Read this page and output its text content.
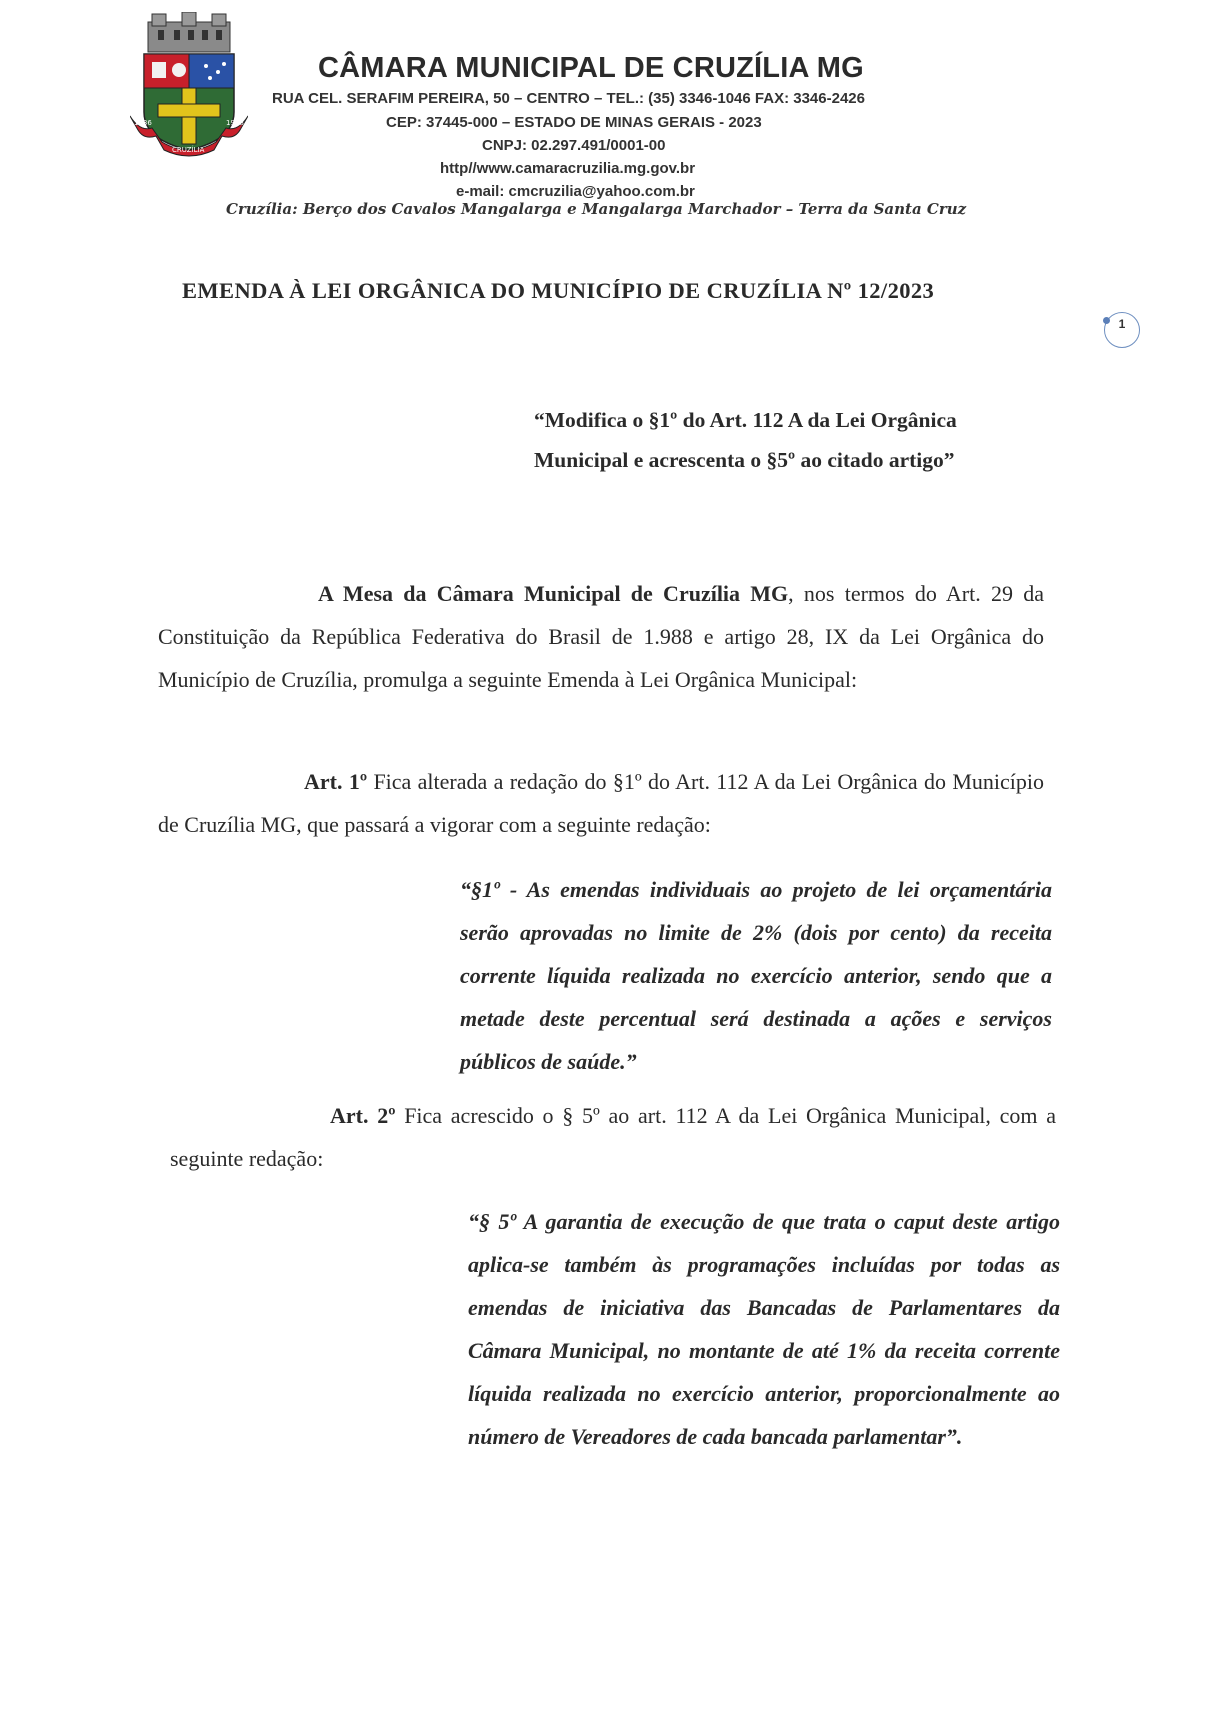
1736	1948
CRUZÍLIA
CÂMARA MUNICIPAL DE CRUZÍLIA MG
RUA CEL. SERAFIM PEREIRA, 50 – CENTRO – TEL.: (35) 3346-1046 FAX: 3346-2426
CEP: 37445-000 – ESTADO DE MINAS GERAIS - 2023
CNPJ: 02.297.491/0001-00
http//www.camaracruzilia.mg.gov.br
e-mail: cmcruzilia@yahoo.com.br
Cruzília: Berço dos Cavalos Mangalarga e Mangalarga Marchador – Terra da Santa Cruz
EMENDA À LEI ORGÂNICA DO MUNICÍPIO DE CRUZÍLIA Nº 12/2023
1
“Modifica o §1º do Art. 112 A da Lei Orgânica Municipal e acrescenta o §5º ao citado artigo”
A Mesa da Câmara Municipal de Cruzília MG, nos termos do Art. 29 da Constituição da República Federativa do Brasil de 1.988 e artigo 28, IX da Lei Orgânica do Município de Cruzília, promulga a seguinte Emenda à Lei Orgânica Municipal:
Art. 1º Fica alterada a redação do §1º do Art. 112 A da Lei Orgânica do Município de Cruzília MG, que passará a vigorar com a seguinte redação:
“§1º - As emendas individuais ao projeto de lei orçamentária serão aprovadas no limite de 2% (dois por cento) da receita corrente líquida realizada no exercício anterior, sendo que a metade deste percentual será destinada a ações e serviços públicos de saúde.”
Art. 2º Fica acrescido o § 5º ao art. 112 A da Lei Orgânica Municipal, com a seguinte redação:
“§ 5º A garantia de execução de que trata o caput deste artigo aplica-se também às programações incluídas por todas as emendas de iniciativa das Bancadas de Parlamentares da Câmara Municipal, no montante de até 1% da receita corrente líquida realizada no exercício anterior, proporcionalmente ao número de Vereadores de cada bancada parlamentar”.
